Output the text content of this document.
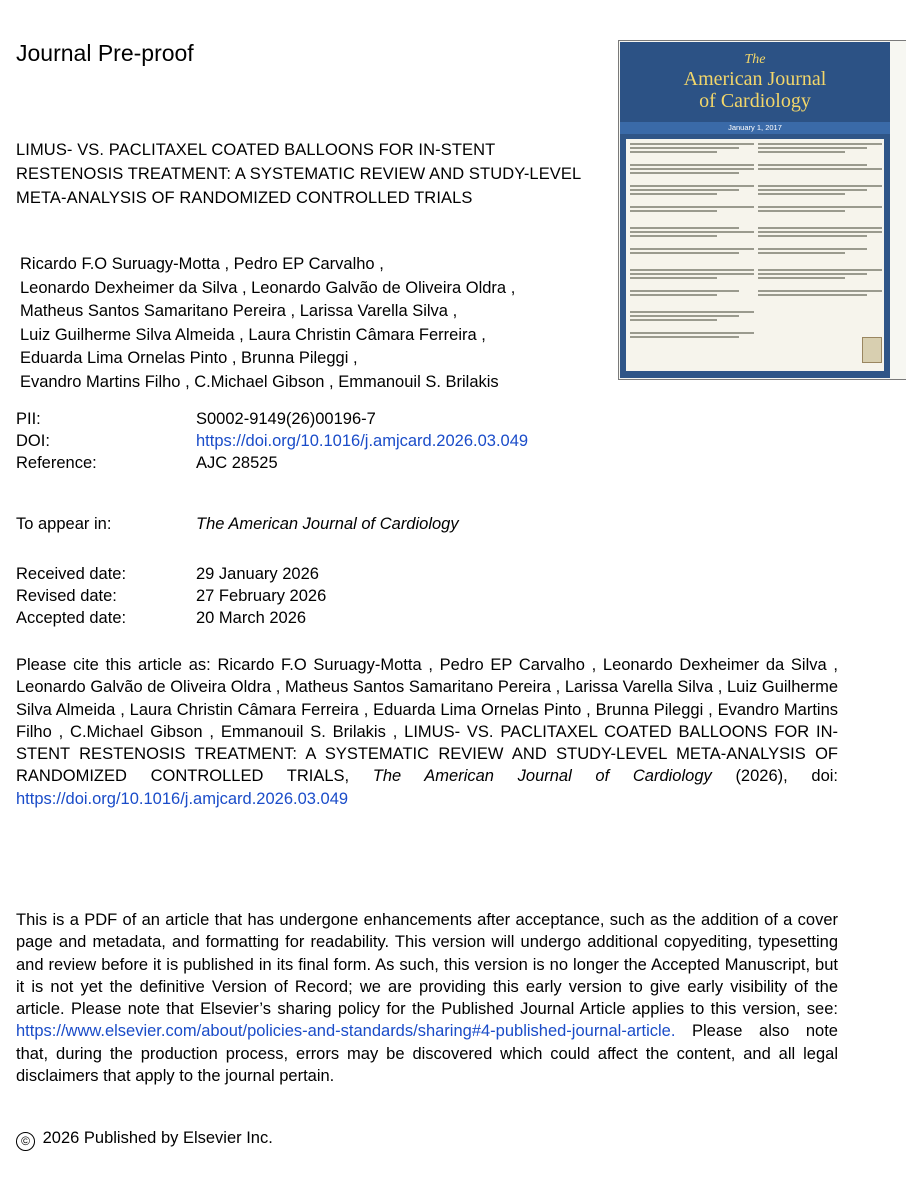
Journal Pre-proof
LIMUS- VS. PACLITAXEL COATED BALLOONS FOR IN-STENT RESTENOSIS TREATMENT: A SYSTEMATIC REVIEW AND STUDY-LEVEL META-ANALYSIS OF RANDOMIZED CONTROLLED TRIALS
Ricardo F.O Suruagy-Motta , Pedro EP Carvalho ,
Leonardo Dexheimer da Silva , Leonardo Galvão de Oliveira Oldra ,
Matheus Santos Samaritano Pereira , Larissa Varella Silva ,
Luiz Guilherme Silva Almeida , Laura Christin Câmara Ferreira ,
Eduarda Lima Ornelas Pinto , Brunna Pileggi ,
Evandro Martins Filho , C.Michael Gibson , Emmanouil S. Brilakis
The
American Journal
of Cardiology
January 1, 2017
PII:	S0002-9149(26)00196-7
DOI:	https://doi.org/10.1016/j.amjcard.2026.03.049
Reference:	AJC 28525
To appear in:	The American Journal of Cardiology
Received date:	29 January 2026
Revised date:	27 February 2026
Accepted date:	20 March 2026
Please cite this article as: Ricardo F.O Suruagy-Motta , Pedro EP Carvalho , Leonardo Dexheimer da Silva , Leonardo Galvão de Oliveira Oldra , Matheus Santos Samaritano Pereira , Larissa Varella Silva , Luiz Guilherme Silva Almeida , Laura Christin Câmara Ferreira , Eduarda Lima Ornelas Pinto , Brunna Pileggi , Evandro Martins Filho , C.Michael Gibson , Emmanouil S. Brilakis , LIMUS- VS. PACLITAXEL COATED BALLOONS FOR IN-STENT RESTENOSIS TREATMENT: A SYSTEMATIC REVIEW AND STUDY-LEVEL META-ANALYSIS OF RANDOMIZED CONTROLLED TRIALS, The American Journal of Cardiology (2026), doi: https://doi.org/10.1016/j.amjcard.2026.03.049
This is a PDF of an article that has undergone enhancements after acceptance, such as the addition of a cover page and metadata, and formatting for readability. This version will undergo additional copyediting, typesetting and review before it is published in its final form. As such, this version is no longer the Accepted Manuscript, but it is not yet the definitive Version of Record; we are providing this early version to give early visibility of the article. Please note that Elsevier’s sharing policy for the Published Journal Article applies to this version, see: https://www.elsevier.com/about/policies-and-standards/sharing#4-published-journal-article. Please also note that, during the production process, errors may be discovered which could affect the content, and all legal disclaimers that apply to the journal pertain.
© 2026 Published by Elsevier Inc.
